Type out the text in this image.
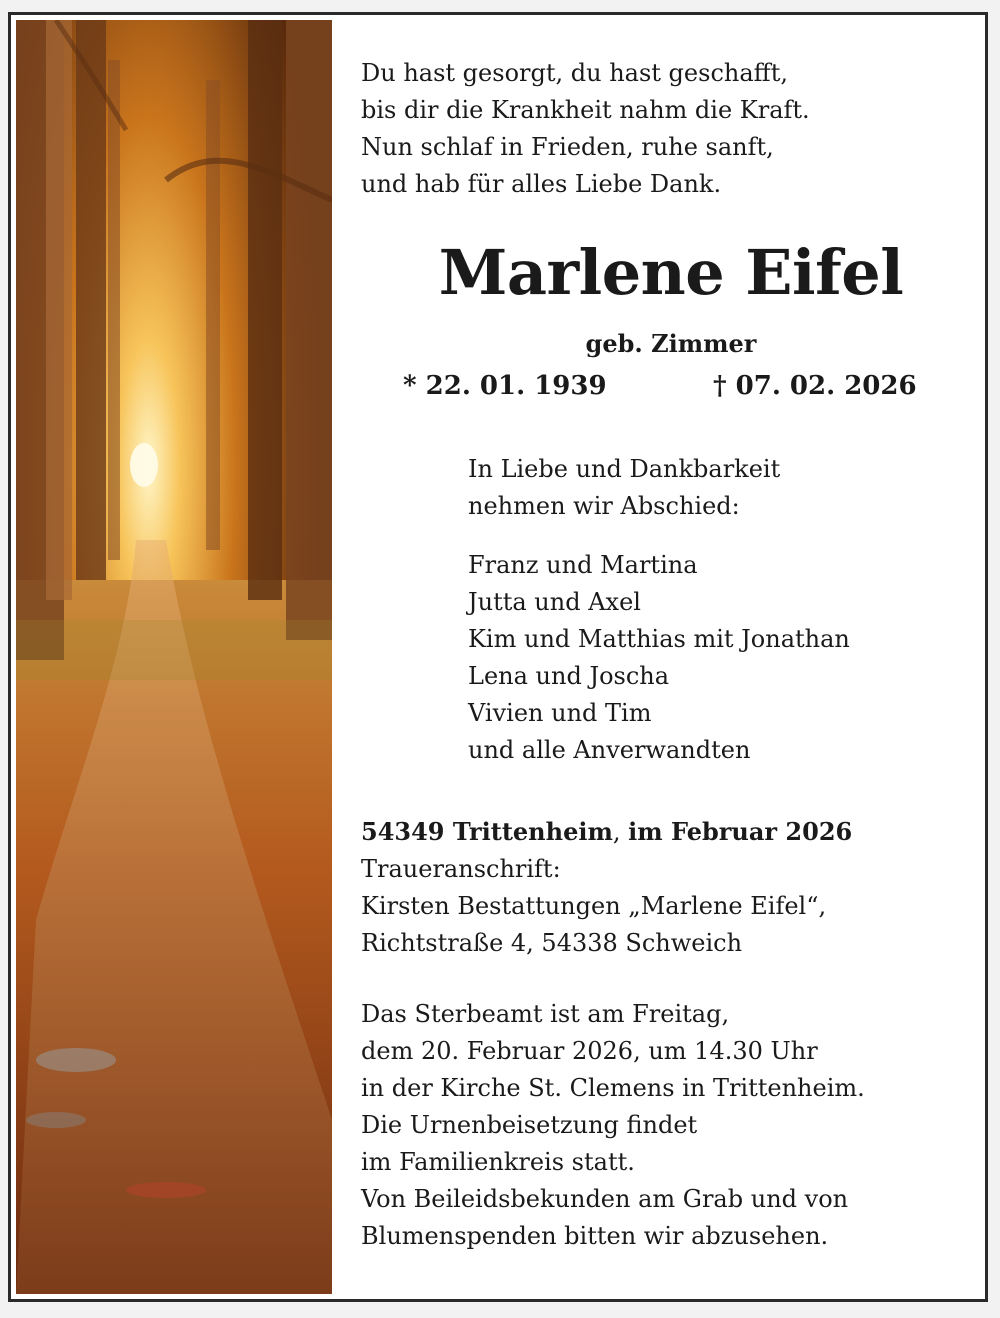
Du hast gesorgt, du hast geschafft,
bis dir die Krankheit nahm die Kraft.
Nun schlaf in Frieden, ruhe sanft,
und hab für alles Liebe Dank.
Marlene Eifel
geb. Zimmer
* 22. 01. 1939	† 07. 02. 2026
In Liebe und Dankbarkeit
nehmen wir Abschied:
Franz und Martina
Jutta und Axel
Kim und Matthias mit Jonathan
Lena und Joscha
Vivien und Tim
und alle Anverwandten
54349 Trittenheim, im Februar 2026
Traueranschrift:
Kirsten Bestattungen „Marlene Eifel“,
Richtstraße 4, 54338 Schweich
Das Sterbeamt ist am Freitag,
dem 20. Februar 2026, um 14.30 Uhr
in der Kirche St. Clemens in Trittenheim.
Die Urnenbeisetzung findet
im Familienkreis statt.
Von Beileidsbekunden am Grab und von
Blumenspenden bitten wir abzusehen.
